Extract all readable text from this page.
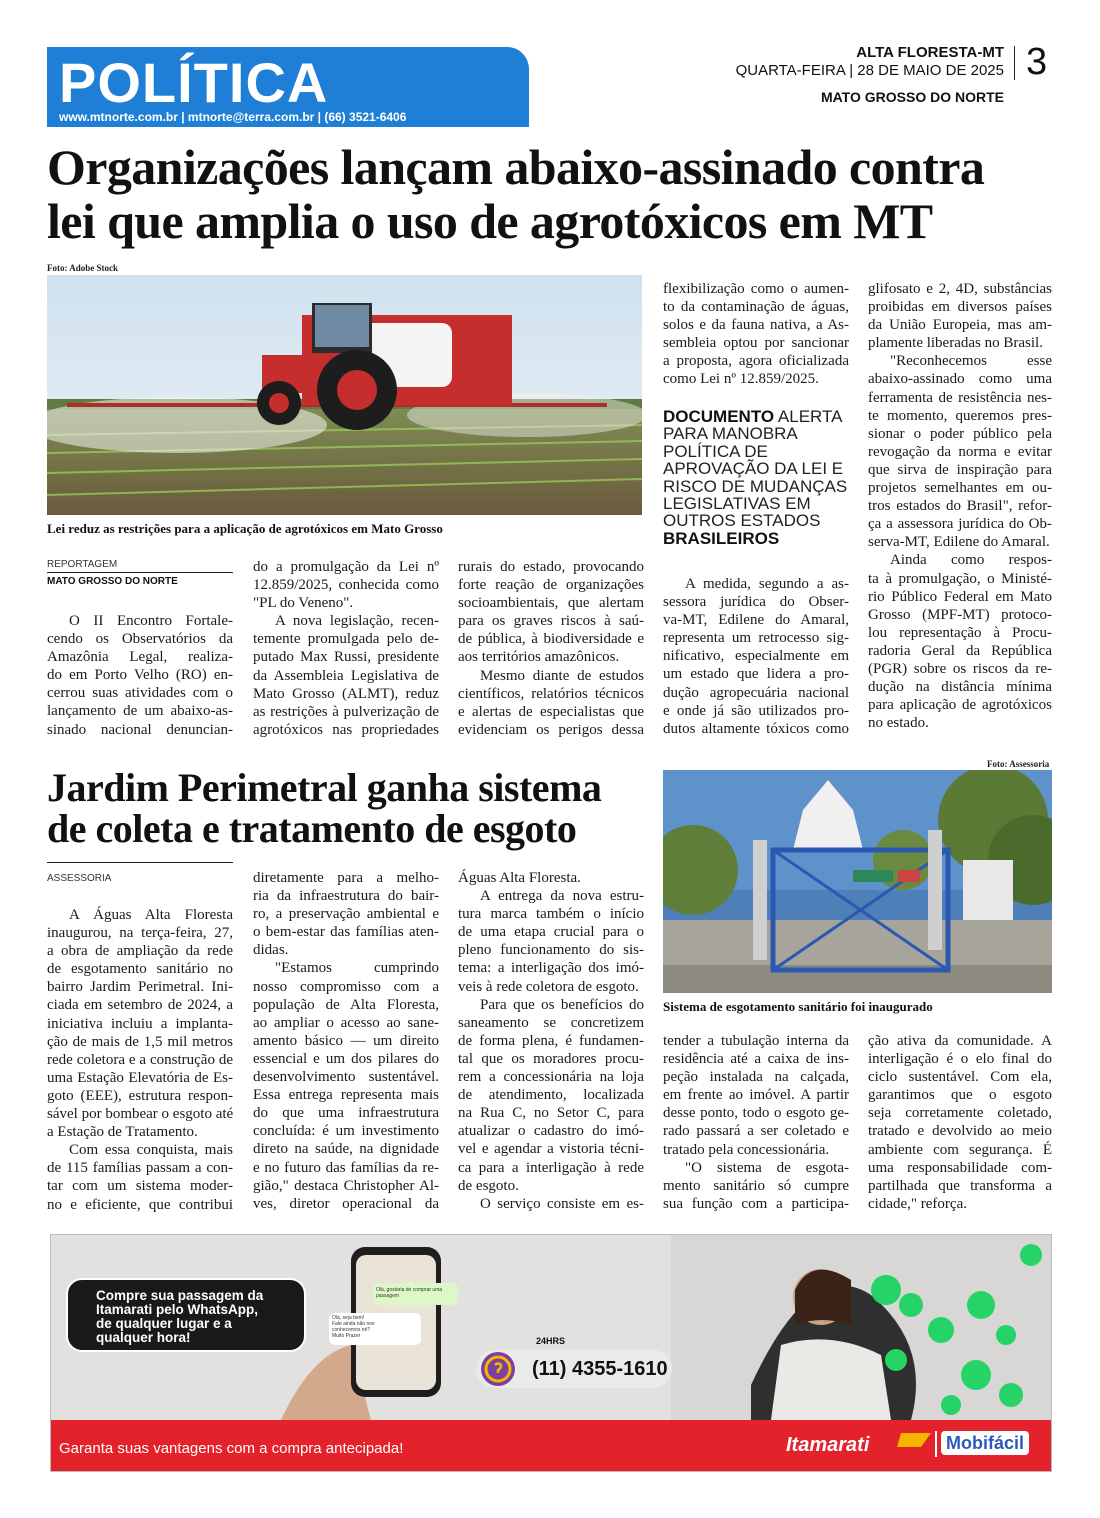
POLÍTICA
www.mtnorte.com.br | mtnorte@terra.com.br | (66) 3521-6406
ALTA FLORESTA-MT
QUARTA-FEIRA | 28 DE MAIO DE 2025 3
MATO GROSSO DO NORTE
Organizações lançam abaixo-assinado contra
lei que amplia o uso de agrotóxicos em MT
Foto: Adobe Stock
Lei reduz as restrições para a aplicação de agrotóxicos em Mato Grosso
REPORTAGEM
MATO GROSSO DO NORTE
O II Encontro Fortale-
cendo os Observatórios da
Amazônia Legal, realiza-
do em Porto Velho (RO) en-
cerrou suas atividades com o
lançamento de um abaixo-as-
sinado nacional denuncian-
do a promulgação da Lei nº
12.859/2025, conhecida como
"PL do Veneno".
A nova legislação, recen-
temente promulgada pelo de-
putado Max Russi, presidente
da Assembleia Legislativa de
Mato Grosso (ALMT), reduz
as restrições à pulverização de
agrotóxicos nas propriedades
rurais do estado, provocando
forte reação de organizações
socioambientais, que alertam
para os graves riscos à saú-
de pública, à biodiversidade e
aos territórios amazônicos.
Mesmo diante de estudos
científicos, relatórios técnicos
e alertas de especialistas que
evidenciam os perigos dessa
flexibilização como o aumen-
to da contaminação de águas,
solos e da fauna nativa, a As-
sembleia optou por sancionar
a proposta, agora oficializada
como Lei nº 12.859/2025.
DOCUMENTO ALERTA
PARA MANOBRA
POLÍTICA DE
APROVAÇÃO DA LEI E
RISCO DE MUDANÇAS
LEGISLATIVAS EM
OUTROS ESTADOS
BRASILEIROS
A medida, segundo a as-
sessora jurídica do Obser-
va-MT, Edilene do Amaral,
representa um retrocesso sig-
nificativo, especialmente em
um estado que lidera a pro-
dução agropecuária nacional
e onde já são utilizados pro-
dutos altamente tóxicos como
glifosato e 2, 4D, substâncias
proibidas em diversos países
da União Europeia, mas am-
plamente liberadas no Brasil.
"Reconhecemos esse
abaixo-assinado como uma
ferramenta de resistência nes-
te momento, queremos pres-
sionar o poder público pela
revogação da norma e evitar
que sirva de inspiração para
projetos semelhantes em ou-
tros estados do Brasil", refor-
ça a assessora jurídica do Ob-
serva-MT, Edilene do Amaral.
Ainda como respos-
ta à promulgação, o Ministé-
rio Público Federal em Mato
Grosso (MPF-MT) protoco-
lou representação à Procu-
radoria Geral da República
(PGR) sobre os riscos da re-
dução na distância mínima
para aplicação de agrotóxicos
no estado.
Jardim Perimetral ganha sistema
de coleta e tratamento de esgoto
ASSESSORIA
Foto: Assessoria
Sistema de esgotamento sanitário foi inaugurado
A Águas Alta Floresta
inaugurou, na terça-feira, 27,
a obra de ampliação da rede
de esgotamento sanitário no
bairro Jardim Perimetral. Ini-
ciada em setembro de 2024, a
iniciativa incluiu a implanta-
ção de mais de 1,5 mil metros
rede coletora e a construção de
uma Estação Elevatória de Es-
goto (EEE), estrutura respon-
sável por bombear o esgoto até
a Estação de Tratamento.
Com essa conquista, mais
de 115 famílias passam a con-
tar com um sistema moder-
no e eficiente, que contribui
diretamente para a melho-
ria da infraestrutura do bair-
ro, a preservação ambiental e
o bem-estar das famílias aten-
didas.
"Estamos cumprindo
nosso compromisso com a
população de Alta Floresta,
ao ampliar o acesso ao sane-
amento básico — um direito
essencial e um dos pilares do
desenvolvimento sustentável.
Essa entrega representa mais
do que uma infraestrutura
concluída: é um investimento
direto na saúde, na dignidade
e no futuro das famílias da re-
gião," destaca Christopher Al-
ves, diretor operacional da
Águas Alta Floresta.
A entrega da nova estru-
tura marca também o início
de uma etapa crucial para o
pleno funcionamento do sis-
tema: a interligação dos imó-
veis à rede coletora de esgoto.
Para que os benefícios do
saneamento se concretizem
de forma plena, é fundamen-
tal que os moradores procu-
rem a concessionária na loja
de atendimento, localizada
na Rua C, no Setor C, para
atualizar o cadastro do imó-
vel e agendar a vistoria técni-
ca para a interligação à rede
de esgoto.
O serviço consiste em es-
tender a tubulação interna da
residência até a caixa de ins-
peção instalada na calçada,
em frente ao imóvel. A partir
desse ponto, todo o esgoto ge-
rado passará a ser coletado e
tratado pela concessionária.
"O sistema de esgota-
mento sanitário só cumpre
sua função com a participa-
ção ativa da comunidade. A
interligação é o elo final do
ciclo sustentável. Com ela,
garantimos que o esgoto
seja corretamente coletado,
tratado e devolvido ao meio
ambiente com segurança. É
uma responsabilidade com-
partilhada que transforma a
cidade," reforça.
Compre sua passagem da
Itamarati pelo WhatsApp,
de qualquer lugar e a
qualquer hora!
Olá, gostaria de comprar uma passagem
Olá, seja bem!
Fale ainda não nos
conhecemos né?
Muito Prazer	24HRS
(11) 4355-1610
Garanta suas vantagens com a compra antecipada!	Itamarati	Mobifácil
